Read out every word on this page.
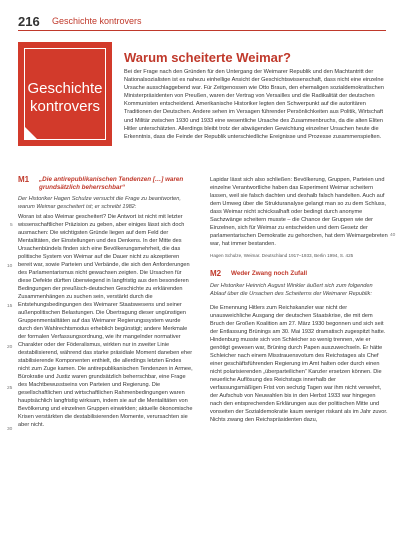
216 Geschichte kontrovers
Geschichte
kontrovers
Warum scheiterte Weimar?
Bei der Frage nach den Gründen für den Untergang der Weimarer Republik und den Machtantritt der Nationalsozialisten ist es nahezu einhellige Ansicht der Geschichtswissenschaft, dass nicht eine einzelne Ursache ausschlaggebend war. Für Zeitgenossen wie Otto Braun, den ehemaligen sozialdemokratischen Ministerpräsidenten von Preußen, waren der Vertrag von Versailles und die Radikalität der deutschen Kommunisten entscheidend. Amerikanische Historiker legten den Schwerpunkt auf die autoritären Traditionen der Deutschen. Andere sehen im Versagen führender Persönlichkeiten aus Politik, Wirtschaft und Militär zwischen 1930 und 1933 eine wesentliche Ursache des Zusammenbruchs, da die alten Eliten Hitler unterschätzten. Allerdings bleibt trotz der abwägenden Gewichtung einzelner Ursachen heute die Erkenntnis, dass die Feinde der Republik unterschiedliche Ereignisse und Prozesse zusammenspielten.
M1	„Die antirepublikanischen Tendenzen […] waren grundsätzlich beherrschbar“

Der Historiker Hagen Schulze versucht die Frage zu beantworten, warum Weimar gescheitert ist; er schreibt 1982:

Woran ist also Weimar gescheitert? Die Antwort ist nicht mit letzter wissenschaftlicher Präzision zu geben, aber einiges lässt sich doch ausmachen: Die wichtigsten Gründe liegen auf dem Feld der Mentalitäten, der Einstellungen und des Denkens. In der Mitte des Ursachenbündels finden sich eine Bevölkerungsmehrheit, die das politische System von Weimar auf die Dauer nicht zu akzeptieren bereit war, sowie Parteien und Verbände, die sich den Anforderungen des Parlamentarismus nicht gewachsen zeigten. Die Ursachen für diese Defekte dürften überwiegend in langfristig aus den besonderen Bedingungen der preußisch-deutschen Geschichte zu erklärenden Zusammenhängen zu suchen sein, verstärkt durch die Entstehungsbedingungen des Weimarer Staatswesens und seiner außenpolitischen Belastungen. Die Übertragung dieser ungünstigen Gruppenmentalitäten auf das Weimarer Regierungssystem wurde durch den Wahlrechtsmodus erheblich begünstigt; andere Merkmale der formalen Verfassungsordnung, wie ihr mangelnder normativer Charakter oder der Föderalismus, wirkten nur in zweiter Linie destabilisierend, während das starke präsidiale Moment daneben eher stabilisierende Komponenten enthielt, die allerdings letzten Endes nicht zum Zuge kamen. Die antirepublikanischen Tendenzen in Armee, Bürokratie und Justiz waren grundsätzlich beherrschbar, eine Frage des Machtbewusstseins von Parteien und Regierung. Die gesellschaftlichen und wirtschaftlichen Rahmenbedingungen waren hauptsächlich langfristig wirksam, indem sie auf die Mentalitäten von Bevölkerung und einzelnen Gruppen einwirkten; aktuelle ökonomische Krisen verstärkten die destabilisierenden Momente, verursachten sie aber nicht.

Lapidar lässt sich also schließen: Bevölkerung, Gruppen, Parteien und einzelne Verantwortliche haben das Experiment Weimar scheitern lassen, weil sie falsch dachten und deshalb falsch handelten. Auch auf dem Umweg über die Strukturanalyse gelangt man so zu dem Schluss, dass Weimar nicht schicksalhaft oder bedingt durch anonyme Sachzwänge scheitern musste – die Chance der Gruppen wie der Einzelnen, sich für Weimar zu entscheiden und dem Gesetz der parlamentarischen Demokratie zu gehorchen, hat dem Weimargebreten war, hat immer bestanden.

Hagen Schulze, Weimar. Deutschland 1917–1933, Berlin 1994, S. 425
M2	Weder Zwang noch Zufall

Der Historiker Heinrich August Winkler äußert sich zum folgenden Ablauf über die Ursachen des Scheiterns der Weimarer Republik:

Die Ernennung Hitlers zum Reichskanzler war nicht der unausweichliche Ausgang der deutschen Staatskrise, die mit dem Bruch der Großen Koalition am 27. März 1930 begonnen und sich seit der Entlassung Brünings am 30. Mai 1932 dramatisch zugespitzt hatte. Hindenburg musste sich von Schleicher so wenig trennen, wie er genötigt gewesen war, Brüning durch Papen auszuwechseln. Er hätte Schleicher nach einem Misstrauensvotum des Reichstages als Chef einer geschäftsführenden Regierung im Amt halten oder durch einen nicht polarisierenden „überparteilichen“ Kanzler ersetzen können. Die neuerliche Auflösung des Reichstags innerhalb der verfassungsmäßigen Frist von sechzig Tagen war ihm nicht verwehrt, der Aufschub von Neuwahlen bis in den Herbst 1933 war hingegen nach den entsprechenden Erklärungen aus der politischen Mitte und vonseiten der Sozialdemokratie kaum weniger riskant als im Jahr zuvor. Nichts zwang den Reichspräsidenten dazu,

5
10
15
20
25
30
40
